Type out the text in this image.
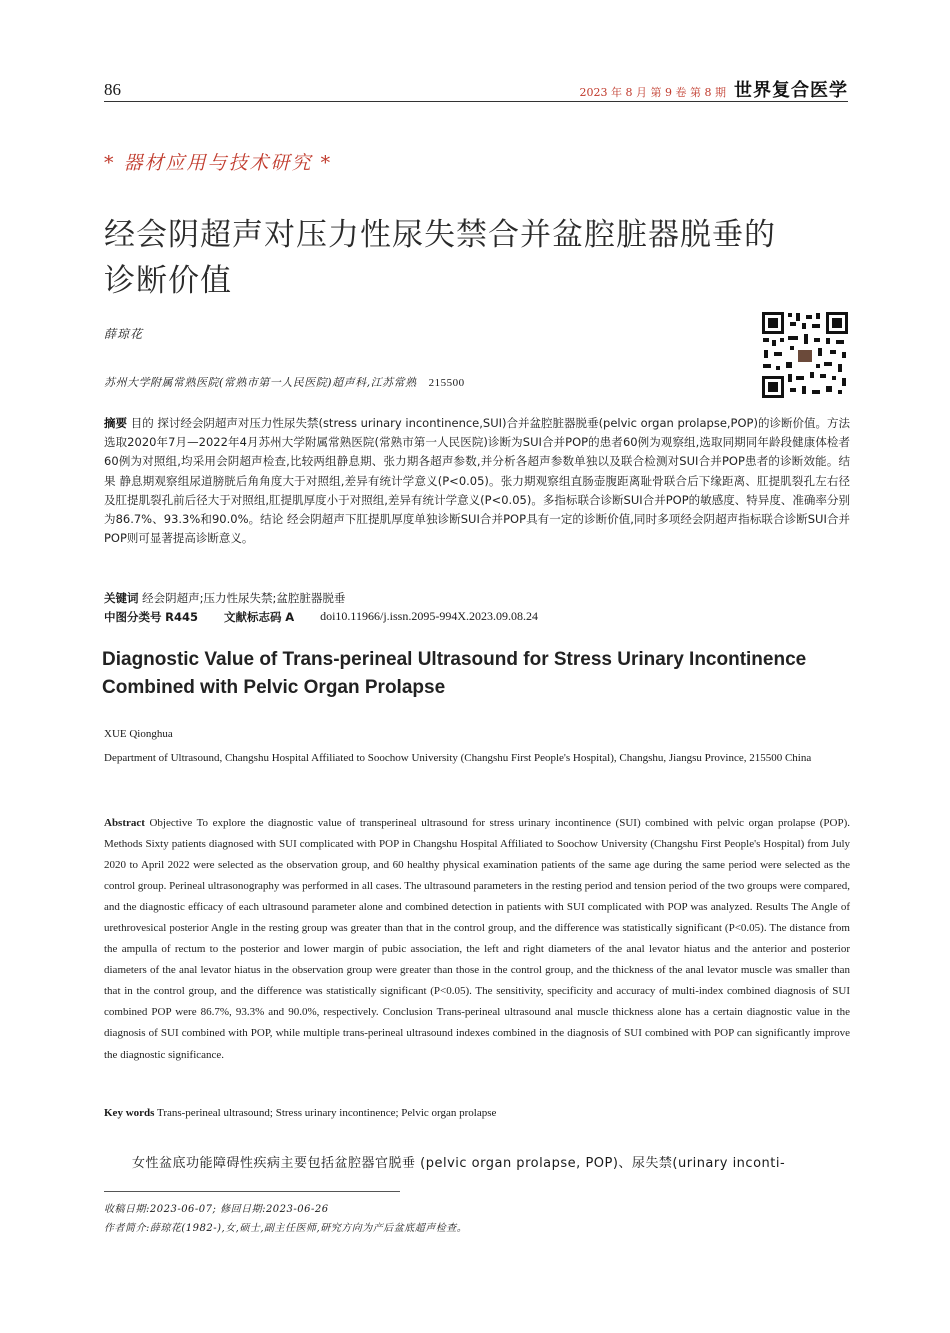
86	2023 年 8 月 第 9 卷 第 8 期 世界复合医学
* 器材应用与技术研究 *
经会阴超声对压力性尿失禁合并盆腔脏器脱垂的诊断价值
薛琼花
苏州大学附属常熟医院(常熟市第一人民医院)超声科,江苏常熟 215500
摘要 目的 探讨经会阴超声对压力性尿失禁(stress urinary incontinence,SUI)合并盆腔脏器脱垂(pelvic organ prolapse,POP)的诊断价值。方法 选取2020年7月—2022年4月苏州大学附属常熟医院(常熟市第一人民医院)诊断为SUI合并POP的患者60例为观察组,选取同期同年龄段健康体检者60例为对照组,均采用会阴超声检查,比较两组静息期、张力期各超声参数,并分析各超声参数单独以及联合检测对SUI合并POP患者的诊断效能。结果 静息期观察组尿道膀胱后角角度大于对照组,差异有统计学意义(P<0.05)。张力期观察组直肠壶腹距离耻骨联合后下缘距离、肛提肌裂孔左右径及肛提肌裂孔前后径大于对照组,肛提肌厚度小于对照组,差异有统计学意义(P<0.05)。多指标联合诊断SUI合并POP的敏感度、特异度、准确率分别为86.7%、93.3%和90.0%。结论 经会阴超声下肛提肌厚度单独诊断SUI合并POP具有一定的诊断价值,同时多项经会阴超声指标联合诊断SUI合并POP则可显著提高诊断意义。
关键词 经会阴超声;压力性尿失禁;盆腔脏器脱垂
中图分类号 R445 文献标志码 A doi10.11966/j.issn.2095-994X.2023.09.08.24
Diagnostic Value of Trans-perineal Ultrasound for Stress Urinary Incontinence Combined with Pelvic Organ Prolapse
XUE Qionghua
Department of Ultrasound, Changshu Hospital Affiliated to Soochow University (Changshu First People's Hospital), Changshu, Jiangsu Province, 215500 China
Abstract Objective To explore the diagnostic value of transperineal ultrasound for stress urinary incontinence (SUI) combined with pelvic organ prolapse (POP). Methods Sixty patients diagnosed with SUI complicated with POP in Changshu Hospital Affiliated to Soochow University (Changshu First People's Hospital) from July 2020 to April 2022 were selected as the observation group, and 60 healthy physical examination patients of the same age during the same period were selected as the control group. Perineal ultrasonography was performed in all cases. The ultrasound parameters in the resting period and tension period of the two groups were compared, and the diagnostic efficacy of each ultrasound parameter alone and combined detection in patients with SUI complicated with POP was analyzed. Results The Angle of urethrovesical posterior Angle in the resting group was greater than that in the control group, and the difference was statistically significant (P<0.05). The distance from the ampulla of rectum to the posterior and lower margin of pubic association, the left and right diameters of the anal levator hiatus and the anterior and posterior diameters of the anal levator hiatus in the observation group were greater than those in the control group, and the thickness of the anal levator muscle was smaller than that in the control group, and the difference was statistically significant (P<0.05). The sensitivity, specificity and accuracy of multi-index combined diagnosis of SUI combined POP were 86.7%, 93.3% and 90.0%, respectively. Conclusion Trans-perineal ultrasound anal muscle thickness alone has a certain diagnostic value in the diagnosis of SUI combined with POP, while multiple trans-perineal ultrasound indexes combined in the diagnosis of SUI combined with POP can significantly improve the diagnostic significance.
Key words Trans-perineal ultrasound; Stress urinary incontinence; Pelvic organ prolapse
女性盆底功能障碍性疾病主要包括盆腔器官脱垂 (pelvic organ prolapse, POP)、尿失禁(urinary inconti-
收稿日期:2023-06-07; 修回日期:2023-06-26
作者简介:薛琼花(1982-),女,硕士,副主任医师,研究方向为产后盆底超声检查。
